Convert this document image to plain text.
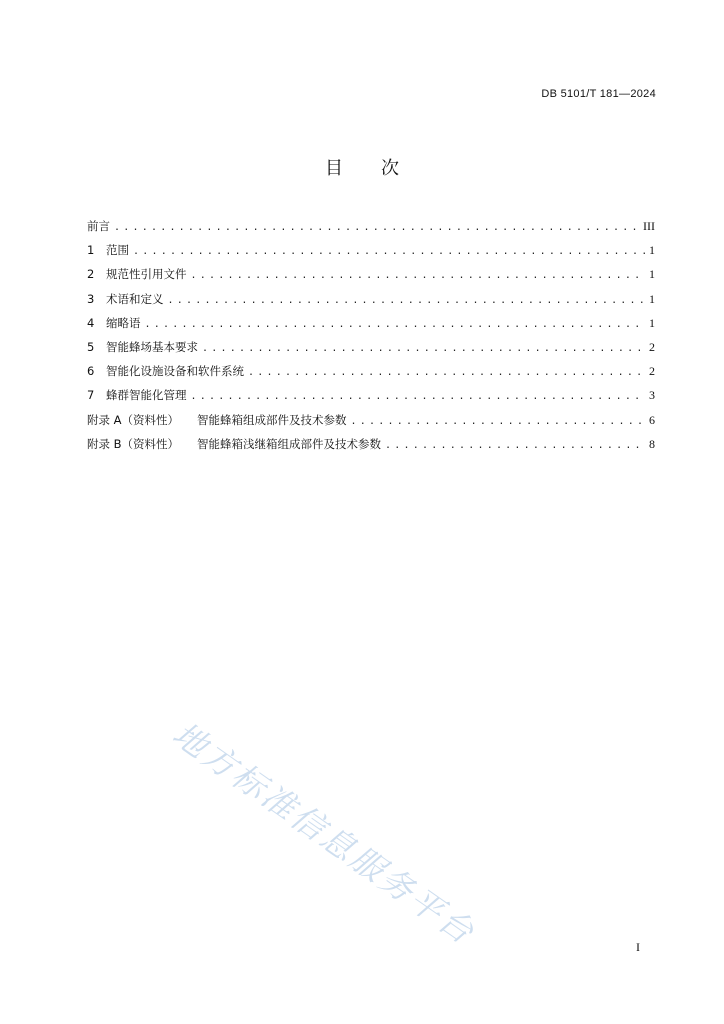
DB 5101/T 181—2024
目 次
前言 . . .	III
1	范围 . . .	1
2	规范性引用文件 . . .	1
3	术语和定义 . . .	1
4	缩略语 . . .	1
5	智能蜂场基本要求 . . .	2
6	智能化设施设备和软件系统 . . .	2
7	蜂群智能化管理 . . .	3
附录 A（资料性） 智能蜂箱组成部件及技术参数 . . .	6
附录 B（资料性） 智能蜂箱浅继箱组成部件及技术参数 . . .	8
地方标准信息服务平台	I
